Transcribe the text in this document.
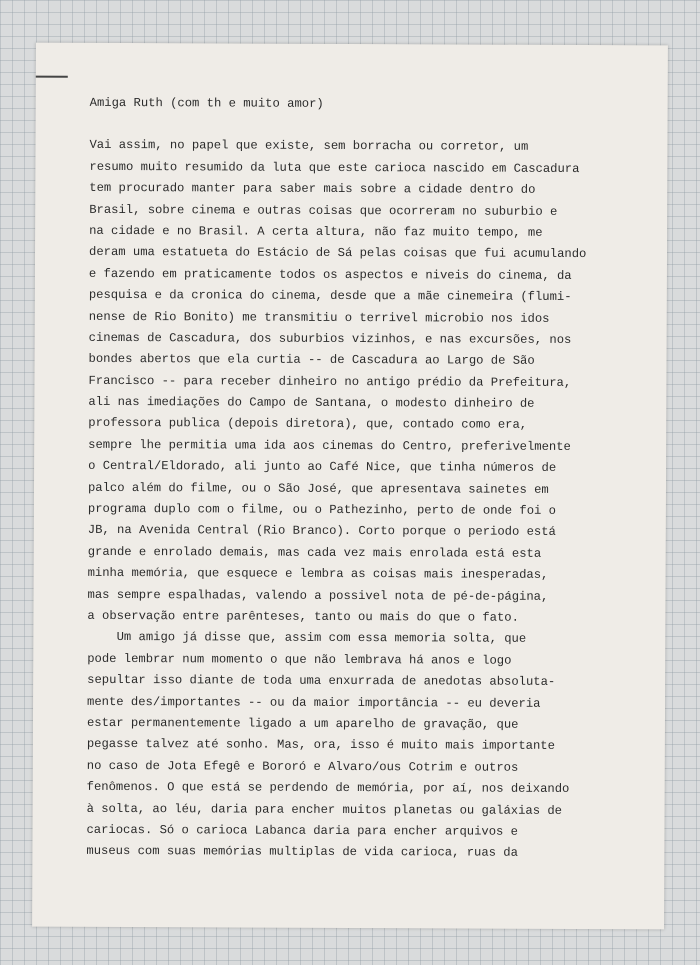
Amiga Ruth (com th e muito amor)
Vai assim, no papel que existe, sem borracha ou corretor, um
resumo muito resumido da luta que este carioca nascido em Cascadura
tem procurado manter para saber mais sobre a cidade dentro do
Brasil, sobre cinema e outras coisas que ocorreram no suburbio e
na cidade e no Brasil. A certa altura, não faz muito tempo, me
deram uma estatueta do Estácio de Sá pelas coisas que fui acumulando
e fazendo em praticamente todos os aspectos e niveis do cinema, da
pesquisa e da cronica do cinema, desde que a mãe cinemeira (flumi-
nense de Rio Bonito) me transmitiu o terrivel microbio nos idos
cinemas de Cascadura, dos suburbios vizinhos, e nas excursões, nos
bondes abertos que ela curtia -- de Cascadura ao Largo de São
Francisco -- para receber dinheiro no antigo prédio da Prefeitura,
ali nas imediações do Campo de Santana, o modesto dinheiro de
professora publica (depois diretora), que, contado como era,
sempre lhe permitia uma ida aos cinemas do Centro, preferivelmente
o Central/Eldorado, ali junto ao Café Nice, que tinha números de
palco além do filme, ou o São José, que apresentava sainetes em
programa duplo com o filme, ou o Pathezinho, perto de onde foi o
JB, na Avenida Central (Rio Branco). Corto porque o periodo está
grande e enrolado demais, mas cada vez mais enrolada está esta
minha memória, que esquece e lembra as coisas mais inesperadas,
mas sempre espalhadas, valendo a possivel nota de pé-de-página,
a observação entre parênteses, tanto ou mais do que o fato.
Um amigo já disse que, assim com essa memoria solta, que
pode lembrar num momento o que não lembrava há anos e logo
sepultar isso diante de toda uma enxurrada de anedotas absoluta-
mente des/importantes -- ou da maior importância -- eu deveria
estar permanentemente ligado a um aparelho de gravação, que
pegasse talvez até sonho. Mas, ora, isso é muito mais importante
no caso de Jota Efegê e Bororó e Alvaro/ous Cotrim e outros
fenômenos. O que está se perdendo de memória, por aí, nos deixando
à solta, ao léu, daria para encher muitos planetas ou galáxias de
cariocas. Só o carioca Labanca daria para encher arquivos e
museus com suas memórias multiplas de vida carioca, ruas da
